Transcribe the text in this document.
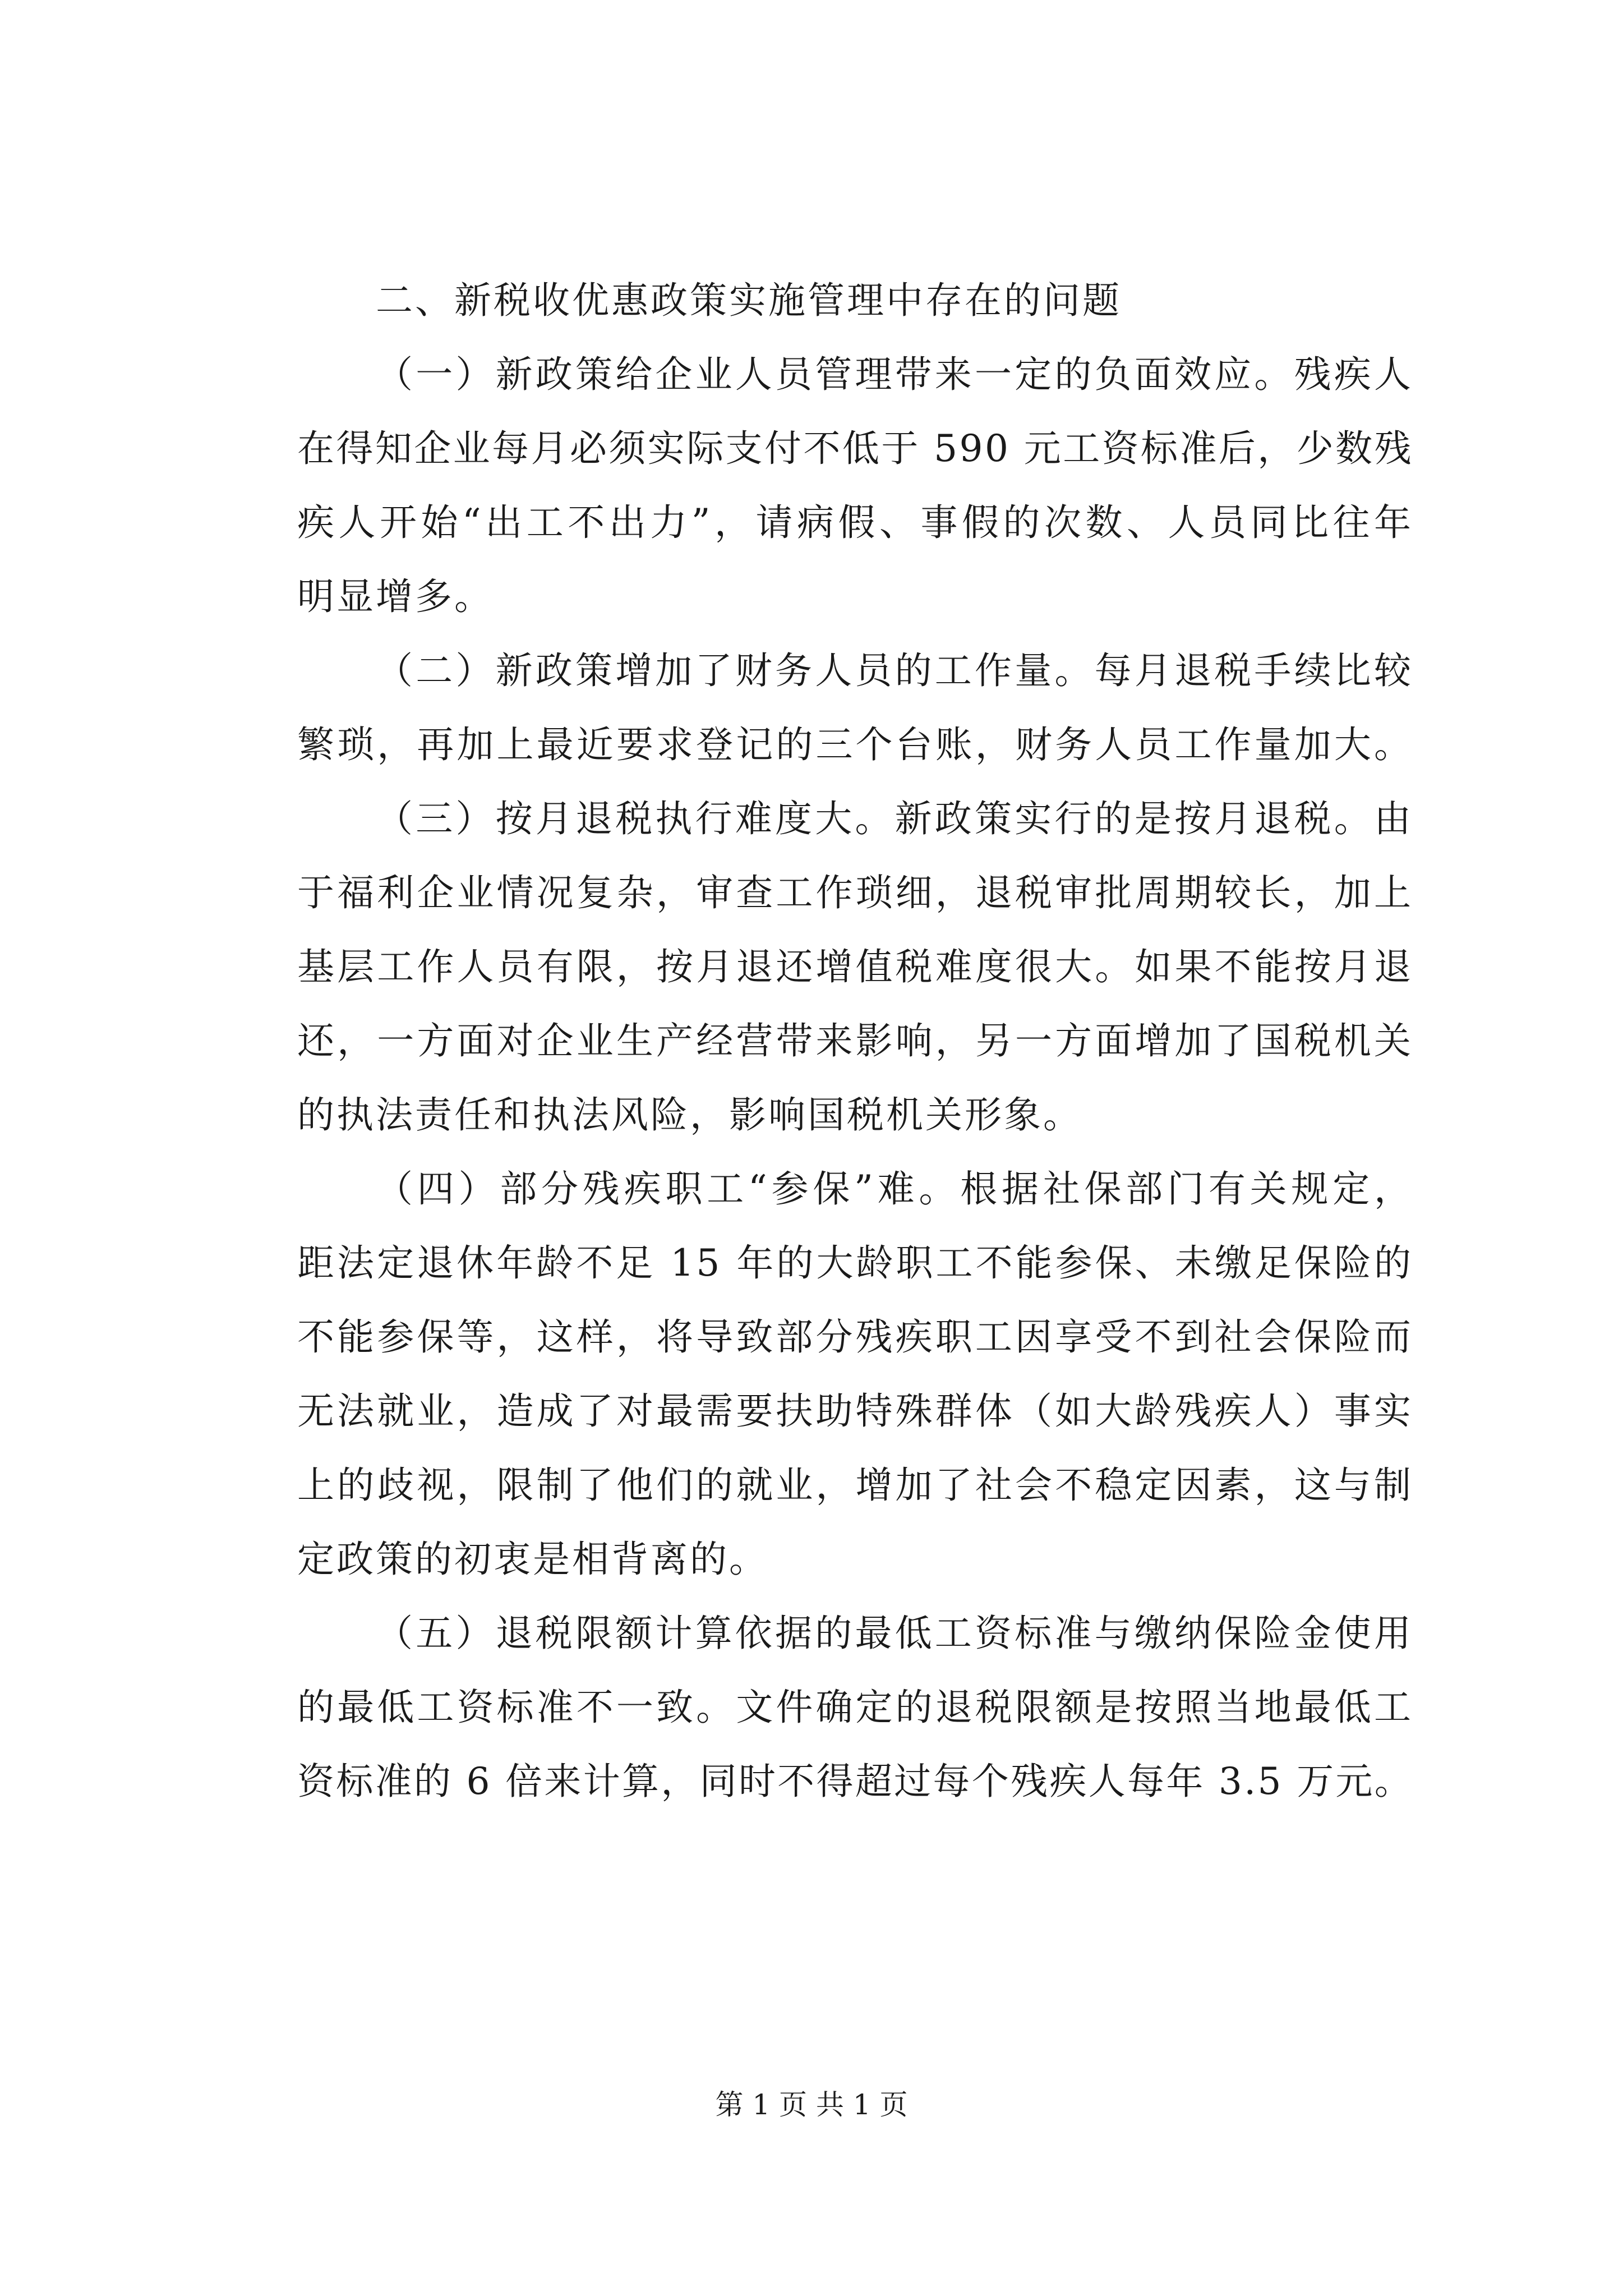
二、新税收优惠政策实施管理中存在的问题
（一）新政策给企业人员管理带来一定的负面效应。残疾人
在得知企业每月必须实际支付不低于 590 元工资标准后，少数残
疾人开始“出工不出力”，请病假、事假的次数、人员同比往年
明显增多。
（二）新政策增加了财务人员的工作量。每月退税手续比较
繁琐，再加上最近要求登记的三个台账，财务人员工作量加大。
（三）按月退税执行难度大。新政策实行的是按月退税。由
于福利企业情况复杂，审查工作琐细，退税审批周期较长，加上
基层工作人员有限，按月退还增值税难度很大。如果不能按月退
还，一方面对企业生产经营带来影响，另一方面增加了国税机关
的执法责任和执法风险，影响国税机关形象。
（四）部分残疾职工“参保”难。根据社保部门有关规定，
距法定退休年龄不足 15 年的大龄职工不能参保、未缴足保险的
不能参保等，这样，将导致部分残疾职工因享受不到社会保险而
无法就业，造成了对最需要扶助特殊群体（如大龄残疾人）事实
上的歧视，限制了他们的就业，增加了社会不稳定因素，这与制
定政策的初衷是相背离的。
（五）退税限额计算依据的最低工资标准与缴纳保险金使用
的最低工资标准不一致。文件确定的退税限额是按照当地最低工
资标准的 6 倍来计算，同时不得超过每个残疾人每年 3.5 万元。
第 1 页 共 1 页
